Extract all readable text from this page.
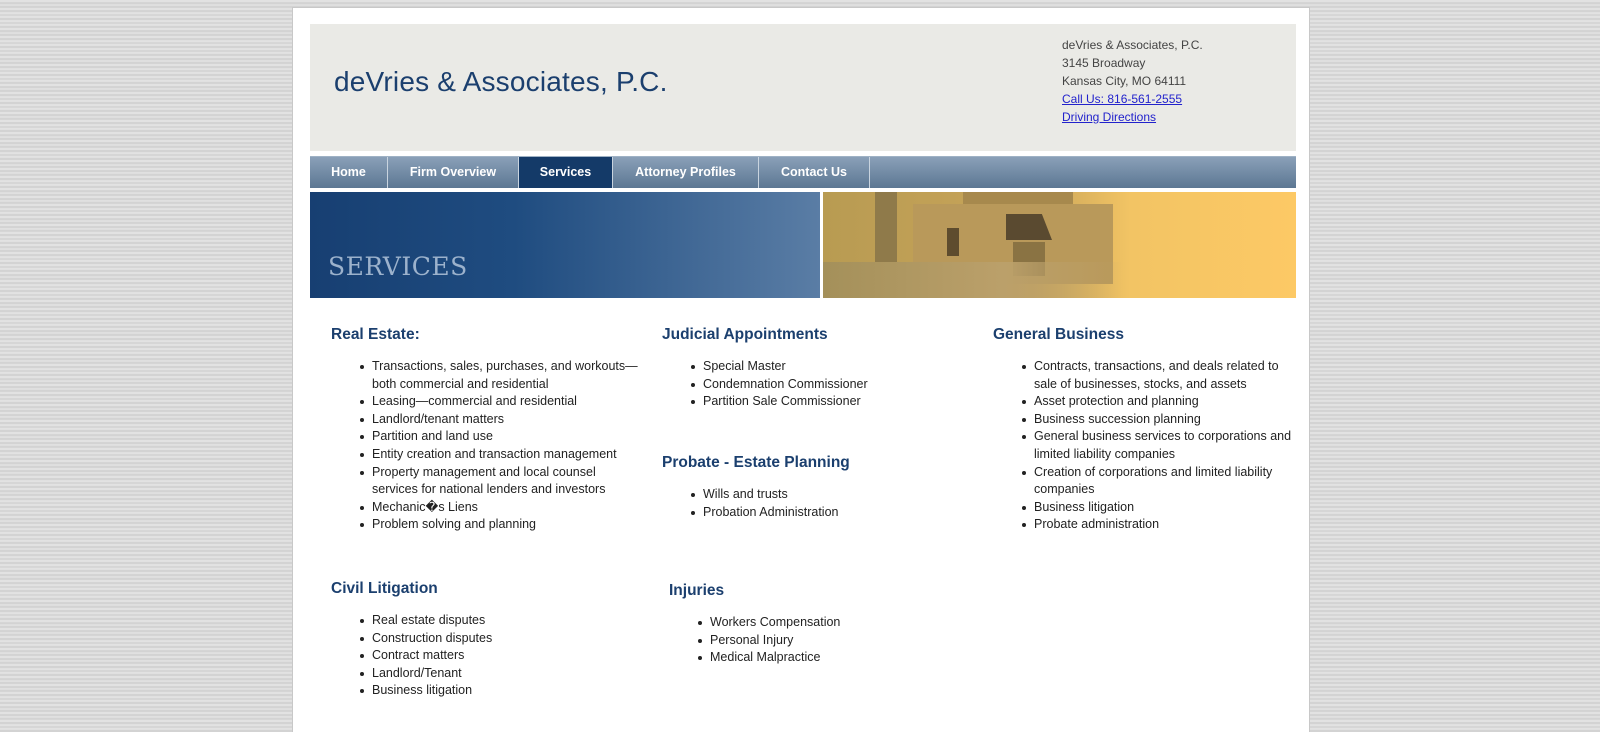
deVries & Associates, P.C.
deVries & Associates, P.C.
3145 Broadway
Kansas City, MO 64111
Call Us: 816-561-2555
Driving Directions
Home	Firm Overview	Services	Attorney Profiles	Contact Us
SERVICES
Real Estate:
Transactions, sales, purchases, and workouts—both commercial and residential
Leasing—commercial and residential
Landlord/tenant matters
Partition and land use
Entity creation and transaction management
Property management and local counsel services for national lenders and investors
Mechanic�s Liens
Problem solving and planning
Judicial Appointments
Special Master
Condemnation Commissioner
Partition Sale Commissioner
General Business
Contracts, transactions, and deals related to sale of businesses, stocks, and assets
Asset protection and planning
Business succession planning
General business services to corporations and limited liability companies
Creation of corporations and limited liability companies
Business litigation
Probate administration
Probate - Estate Planning
Wills and trusts
Probation Administration
Civil Litigation
Real estate disputes
Construction disputes
Contract matters
Landlord/Tenant
Business litigation
Injuries
Workers Compensation
Personal Injury
Medical Malpractice
